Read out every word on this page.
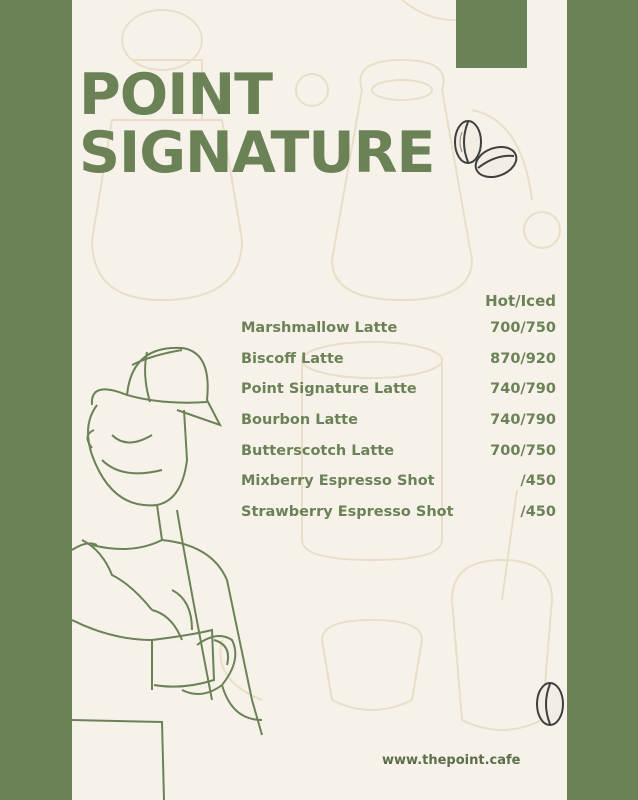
POINT
SIGNATURE
Hot/Iced
Marshmallow Latte	700/750
Biscoff Latte	870/920
Point Signature Latte	740/790
Bourbon Latte	740/790
Butterscotch Latte	700/750
Mixberry Espresso Shot	/450
Strawberry Espresso Shot	/450
www.thepoint.cafe
